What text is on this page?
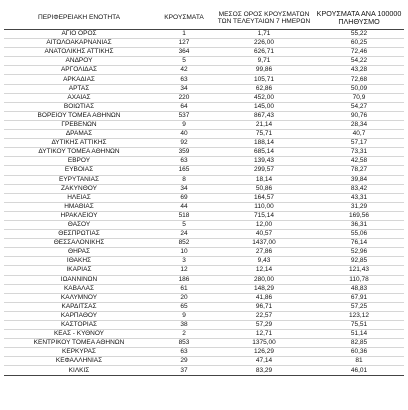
ΠΕΡΙΦΕΡΕΙΑΚΗ ΕΝΟΤΗΤΑ	ΚΡΟΥΣΜΑΤΑ	ΜΕΣΟΣ ΟΡΟΣ ΚΡΟΥΣΜΑΤΩΝ ΤΩΝ ΤΕΛΕΥΤΑΙΩΝ 7 ΗΜΕΡΩΝ	ΚΡΟΥΣΜΑΤΑ ΑΝΑ 100000 ΠΛΗΘΥΣΜΟ
ΑΓΙΟ ΟΡΟΣ	1	1,71	55,22
ΑΙΤΩΛΟΑΚΑΡΝΑΝΙΑΣ	127	226,00	60,25
ΑΝΑΤΟΛΙΚΗΣ ΑΤΤΙΚΗΣ	364	626,71	72,46
ΑΝΔΡΟΥ	5	9,71	54,22
ΑΡΓΟΛΙΔΑΣ	42	99,86	43,28
ΑΡΚΑΔΙΑΣ	63	105,71	72,68
ΑΡΤΑΣ	34	62,86	50,09
ΑΧΑΪΑΣ	220	452,00	70,9
ΒΟΙΩΤΙΑΣ	64	145,00	54,27
ΒΟΡΕΙΟΥ ΤΟΜΕΑ ΑΘΗΝΩΝ	537	867,43	90,76
ΓΡΕΒΕΝΩΝ	9	21,14	28,34
ΔΡΑΜΑΣ	40	75,71	40,7
ΔΥΤΙΚΗΣ ΑΤΤΙΚΗΣ	92	188,14	57,17
ΔΥΤΙΚΟΥ ΤΟΜΕΑ ΑΘΗΝΩΝ	359	685,14	73,31
ΕΒΡΟΥ	63	139,43	42,58
ΕΥΒΟΙΑΣ	165	299,57	78,27
ΕΥΡΥΤΑΝΙΑΣ	8	18,14	39,84
ΖΑΚΥΝΘΟΥ	34	50,86	83,42
ΗΛΕΙΑΣ	69	164,57	43,31
ΗΜΑΘΙΑΣ	44	110,00	31,29
ΗΡΑΚΛΕΙΟΥ	518	715,14	169,56
ΘΑΣΟΥ	5	12,00	36,31
ΘΕΣΠΡΩΤΙΑΣ	24	40,57	55,06
ΘΕΣΣΑΛΟΝΙΚΗΣ	852	1437,00	76,14
ΘΗΡΑΣ	10	27,86	52,96
ΙΘΑΚΗΣ	3	9,43	92,85
ΙΚΑΡΙΑΣ	12	12,14	121,43
ΙΩΑΝΝΙΝΩΝ	186	280,00	110,78
ΚΑΒΑΛΑΣ	61	148,29	48,83
ΚΑΛΥΜΝΟΥ	20	41,86	67,91
ΚΑΡΔΙΤΣΑΣ	65	96,71	57,25
ΚΑΡΠΑΘΟΥ	9	22,57	123,12
ΚΑΣΤΟΡΙΑΣ	38	57,29	75,51
ΚΕΑΣ - ΚΥΘΝΟΥ	2	12,71	51,14
ΚΕΝΤΡΙΚΟΥ ΤΟΜΕΑ ΑΘΗΝΩΝ	853	1375,00	82,85
ΚΕΡΚΥΡΑΣ	63	126,29	60,36
ΚΕΦΑΛΛΗΝΙΑΣ	29	47,14	81
ΚΙΛΚΙΣ	37	83,29	46,01
